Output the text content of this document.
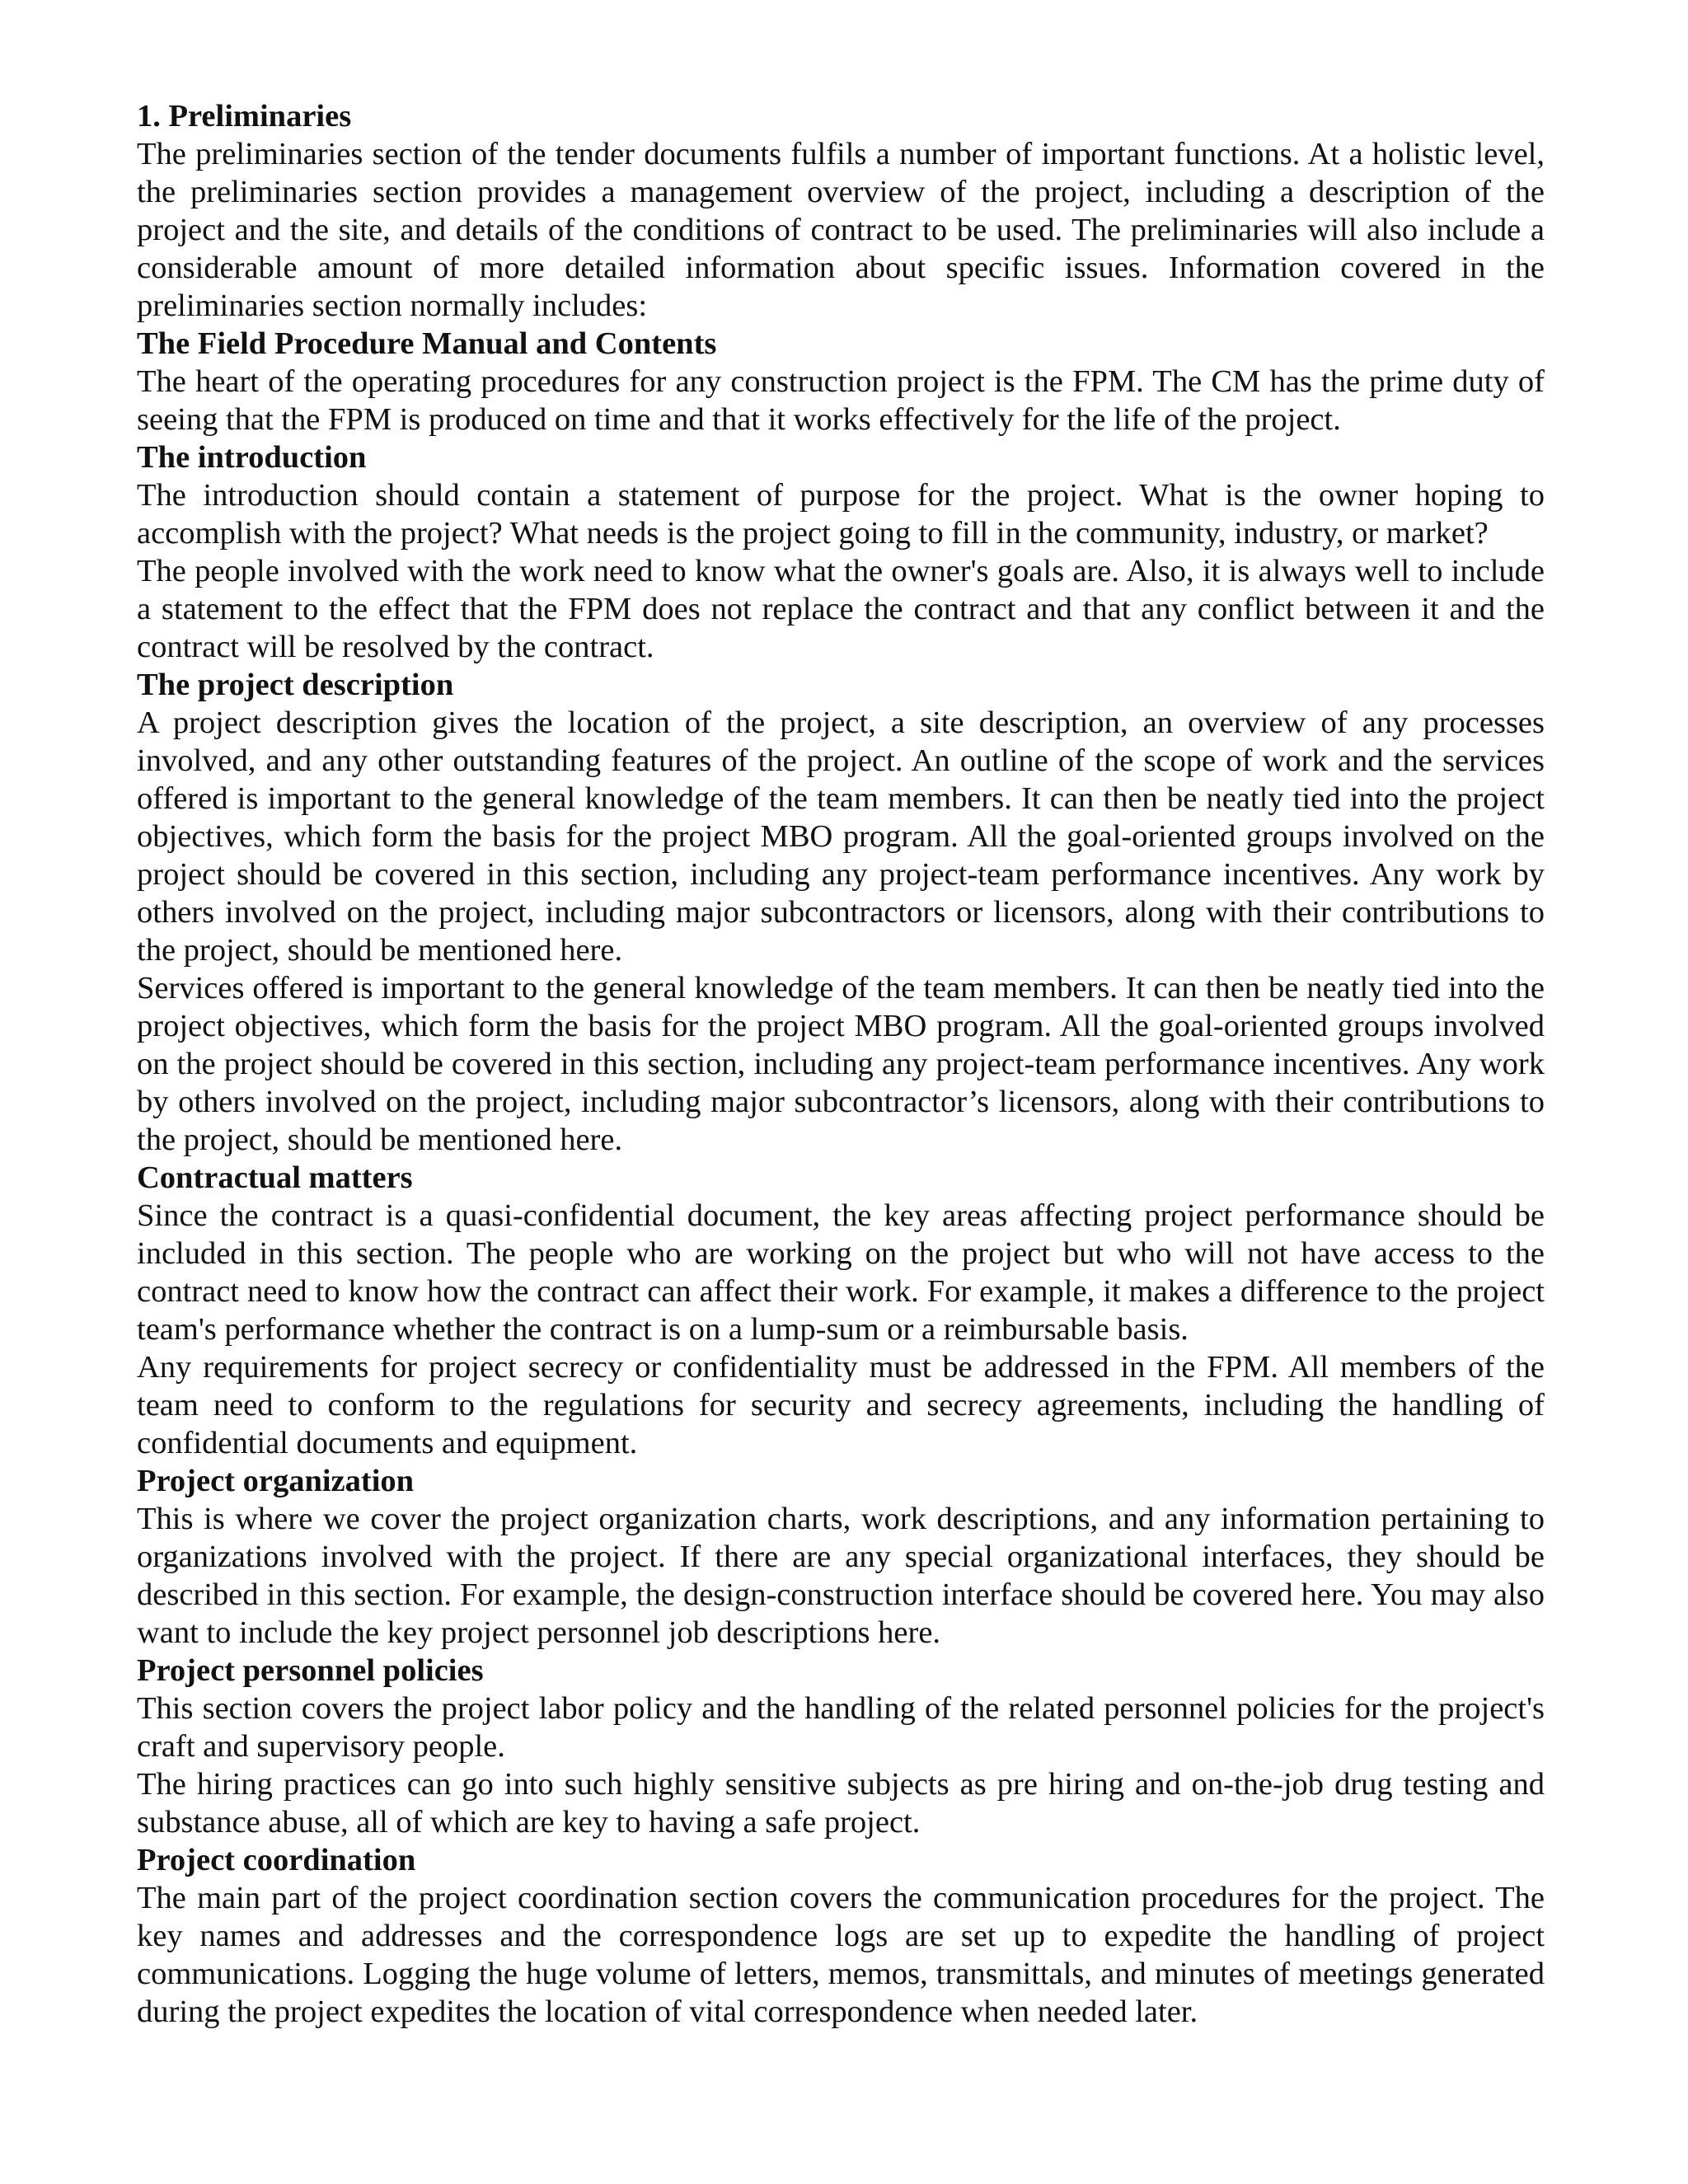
1. Preliminaries

The preliminaries section of the tender documents fulfils a number of important functions. At a holistic level, the preliminaries section provides a management overview of the project, including a description of the project and the site, and details of the conditions of contract to be used. The preliminaries will also include a considerable amount of more detailed information about specific issues. Information covered in the preliminaries section normally includes:

The Field Procedure Manual and Contents

The heart of the operating procedures for any construction project is the FPM. The CM has the prime duty of seeing that the FPM is produced on time and that it works effectively for the life of the project.

The introduction

The introduction should contain a statement of purpose for the project. What is the owner hoping to accomplish with the project? What needs is the project going to fill in the community, industry, or market?

The people involved with the work need to know what the owner's goals are. Also, it is always well to include a statement to the effect that the FPM does not replace the contract and that any conflict between it and the contract will be resolved by the contract.

The project description

A project description gives the location of the project, a site description, an overview of any processes involved, and any other outstanding features of the project. An outline of the scope of work and the services offered is important to the general knowledge of the team members. It can then be neatly tied into the project objectives, which form the basis for the project MBO program. All the goal-oriented groups involved on the project should be covered in this section, including any project-team performance incentives. Any work by others involved on the project, including major subcontractors or licensors, along with their contributions to the project, should be mentioned here.

Services offered is important to the general knowledge of the team members. It can then be neatly tied into the project objectives, which form the basis for the project MBO program. All the goal-oriented groups involved on the project should be covered in this section, including any project-team performance incentives. Any work by others involved on the project, including major subcontractor’s licensors, along with their contributions to the project, should be mentioned here.

Contractual matters

Since the contract is a quasi-confidential document, the key areas affecting project performance should be included in this section. The people who are working on the project but who will not have access to the contract need to know how the contract can affect their work. For example, it makes a difference to the project team's performance whether the contract is on a lump-sum or a reimbursable basis.

Any requirements for project secrecy or confidentiality must be addressed in the FPM. All members of the team need to conform to the regulations for security and secrecy agreements, including the handling of confidential documents and equipment.

Project organization

This is where we cover the project organization charts, work descriptions, and any information pertaining to organizations involved with the project. If there are any special organizational interfaces, they should be described in this section. For example, the design-construction interface should be covered here. You may also want to include the key project personnel job descriptions here.

Project personnel policies

This section covers the project labor policy and the handling of the related personnel policies for the project's craft and supervisory people.

The hiring practices can go into such highly sensitive subjects as pre hiring and on-the-job drug testing and substance abuse, all of which are key to having a safe project.

Project coordination

The main part of the project coordination section covers the communication procedures for the project. The key names and addresses and the correspondence logs are set up to expedite the handling of project communications. Logging the huge volume of letters, memos, transmittals, and minutes of meetings generated during the project expedites the location of vital correspondence when needed later.
